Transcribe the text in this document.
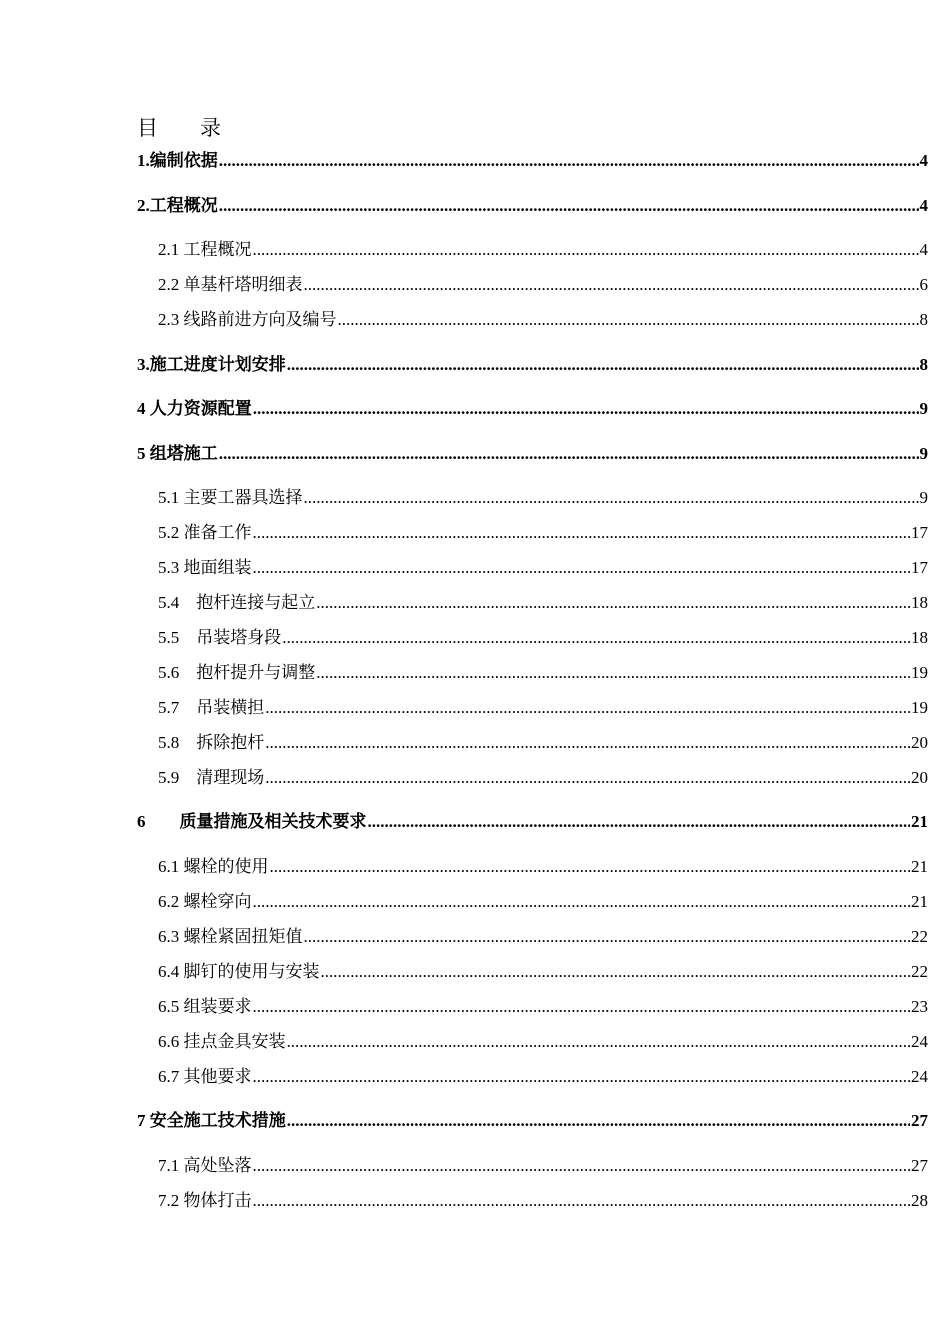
目　　录
1.编制依据 .....	4
2.工程概况 .....	4
2.1 工程概况 .....	4
2.2 单基杆塔明细表 .....	6
2.3 线路前进方向及编号 .....	8
3.施工进度计划安排 .....	8
4 人力资源配置 .....	9
5 组塔施工 .....	9
5.1 主要工器具选择 .....	9
5.2 准备工作 .....	17
5.3 地面组装 .....	17
5.4　抱杆连接与起立 .....	18
5.5　吊装塔身段 .....	18
5.6　抱杆提升与调整 .....	19
5.7　吊装横担 .....	19
5.8　拆除抱杆 .....	20
5.9　清理现场 .....	20
6　　质量措施及相关技术要求 .....	21
6.1 螺栓的使用 .....	21
6.2 螺栓穿向 .....	21
6.3 螺栓紧固扭矩值 .....	22
6.4 脚钉的使用与安装 .....	22
6.5 组装要求 .....	23
6.6 挂点金具安装 .....	24
6.7 其他要求 .....	24
7 安全施工技术措施 .....	27
7.1 高处坠落 .....	27
7.2 物体打击 .....	28
